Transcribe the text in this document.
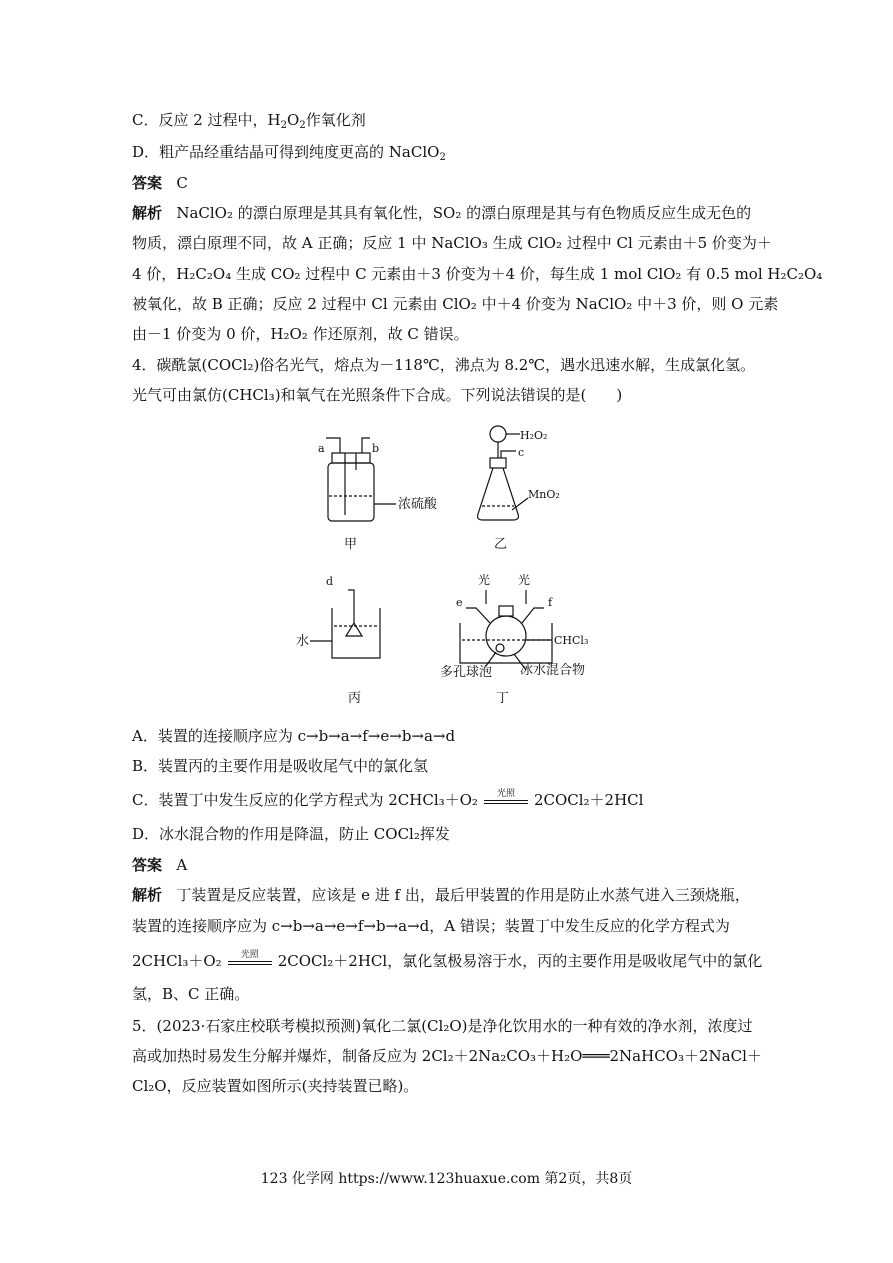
C．反应 2 过程中，$H_2O_2$作氧化剂
D．粗产品经重结晶可得到纯度更高的 NaClO$_2$
答案 C
解析 NaClO₂ 的漂白原理是其具有氧化性，SO₂ 的漂白原理是其与有色物质反应生成无色的
物质，漂白原理不同，故 A 正确；反应 1 中 NaClO₃ 生成 ClO₂ 过程中 Cl 元素由＋5 价变为＋
4 价，H₂C₂O₄ 生成 CO₂ 过程中 C 元素由＋3 价变为＋4 价，每生成 1 mol ClO₂ 有 0.5 mol H₂C₂O₄
被氧化，故 B 正确；反应 2 过程中 Cl 元素由 ClO₂ 中＋4 价变为 NaClO₂ 中＋3 价，则 O 元素
由－1 价变为 0 价，H₂O₂ 作还原剂，故 C 错误。
4．碳酰氯(COCl₂)俗名光气，熔点为－118℃，沸点为 8.2℃，遇水迅速水解，生成氯化氢。
光气可由氯仿(CHCl₃)和氧气在光照条件下合成。下列说法错误的是(　　)
a	b
浓硫酸
甲
H₂O₂
c
MnO₂
乙
d
水
丙
光 光
e	f
CHCl₃
多孔球泡 冰水混合物
丁
A．装置的连接顺序应为 c→b→a→f→e→b→a→d
B．装置丙的主要作用是吸收尾气中的氯化氢
C．装置丁中发生反应的化学方程式为 2CHCl₃＋O₂	光照	2COCl₂＋2HCl
D．冰水混合物的作用是降温，防止 COCl₂挥发
答案 A
解析 丁装置是反应装置，应该是 e 进 f 出，最后甲装置的作用是防止水蒸气进入三颈烧瓶，
装置的连接顺序应为 c→b→a→e→f→b→a→d，A 错误；装置丁中发生反应的化学方程式为
2CHCl₃＋O₂	光照	2COCl₂＋2HCl，氯化氢极易溶于水，丙的主要作用是吸收尾气中的氯化
氢，B、C 正确。
5．(2023·石家庄校联考模拟预测)氧化二氯(Cl₂O)是净化饮用水的一种有效的净水剂，浓度过
高或加热时易发生分解并爆炸，制备反应为 2Cl₂＋2Na₂CO₃＋H₂O═══2NaHCO₃＋2NaCl＋
Cl₂O，反应装置如图所示(夹持装置已略)。
123 化学网 https://www.123huaxue.com 第2页，共8页
